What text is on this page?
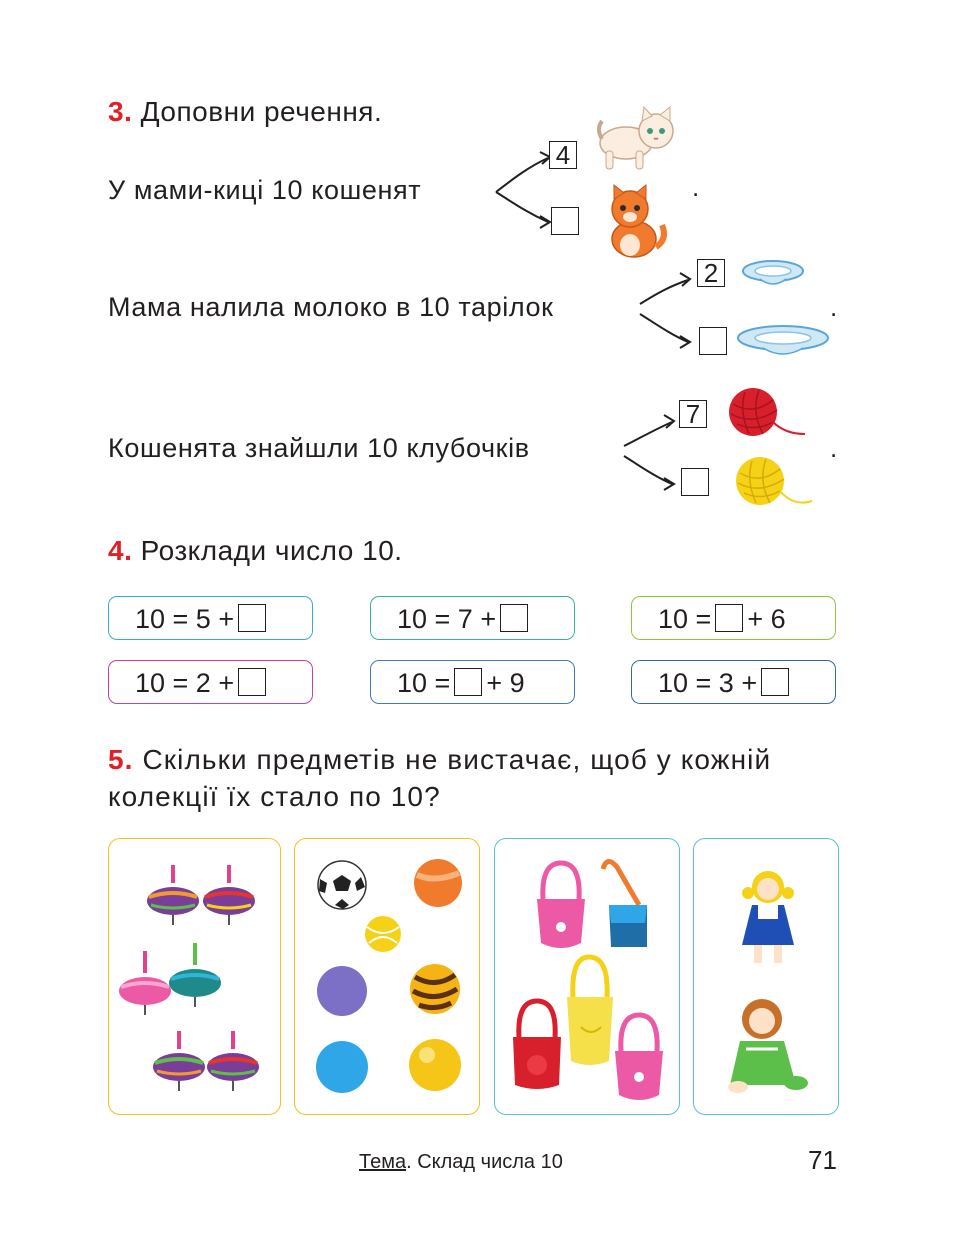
3. Доповни речення.
У мами-киці 10 кошенят
4
.
Мама налила молоко в 10 тарілок
2
.
Кошенята знайшли 10 клубочків
7
.
4. Розклади число 10.
10 = 5 +	10 = 7 +	10 = + 6
10 = 2 +	10 = + 9	10 = 3 +
5. Скільки предметів не вистачає, щоб у кожній
колекції їх стало по 10?
Тема. Склад числа 10	71
